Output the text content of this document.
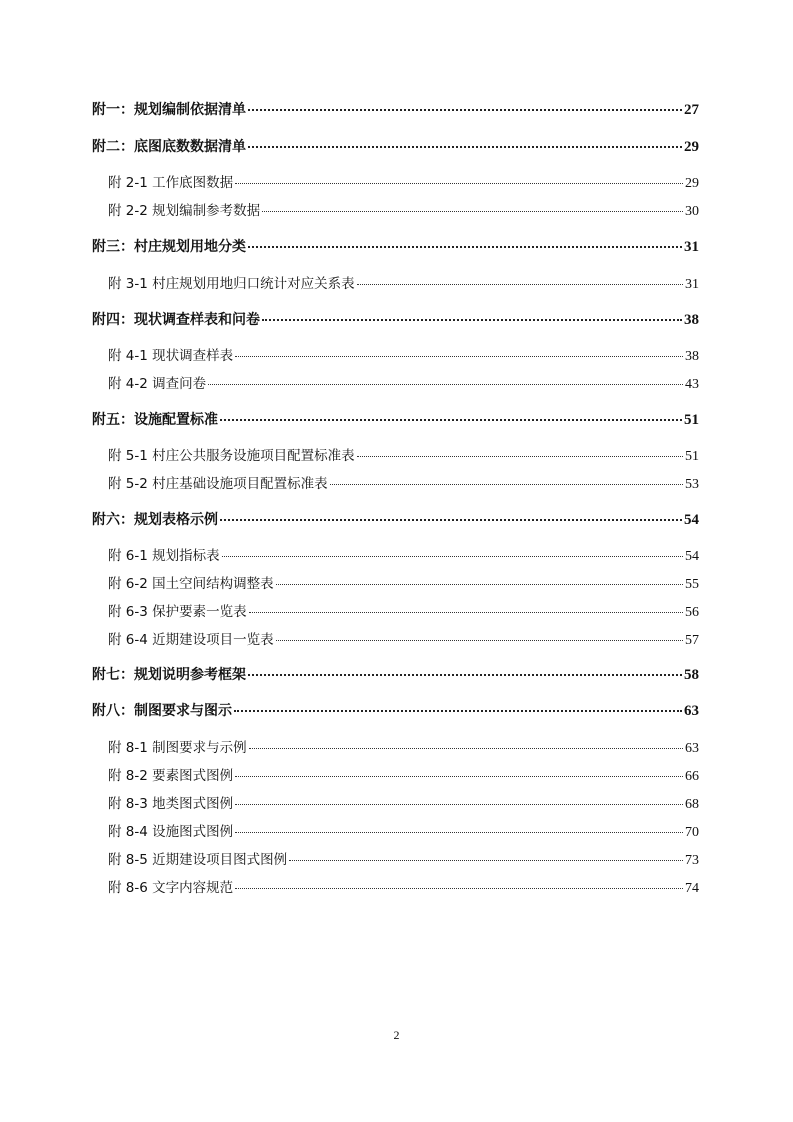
附一：规划编制依据清单	27
附二：底图底数数据清单	29
附 2-1 工作底图数据	29
附 2-2 规划编制参考数据	30
附三：村庄规划用地分类	31
附 3-1 村庄规划用地归口统计对应关系表	31
附四：现状调查样表和问卷	38
附 4-1 现状调查样表	38
附 4-2 调查问卷	43
附五：设施配置标准	51
附 5-1 村庄公共服务设施项目配置标准表	51
附 5-2 村庄基础设施项目配置标准表	53
附六：规划表格示例	54
附 6-1 规划指标表	54
附 6-2 国土空间结构调整表	55
附 6-3 保护要素一览表	56
附 6-4 近期建设项目一览表	57
附七：规划说明参考框架	58
附八：制图要求与图示	63
附 8-1 制图要求与示例	63
附 8-2 要素图式图例	66
附 8-3 地类图式图例	68
附 8-4 设施图式图例	70
附 8-5 近期建设项目图式图例	73
附 8-6 文字内容规范	74
2
